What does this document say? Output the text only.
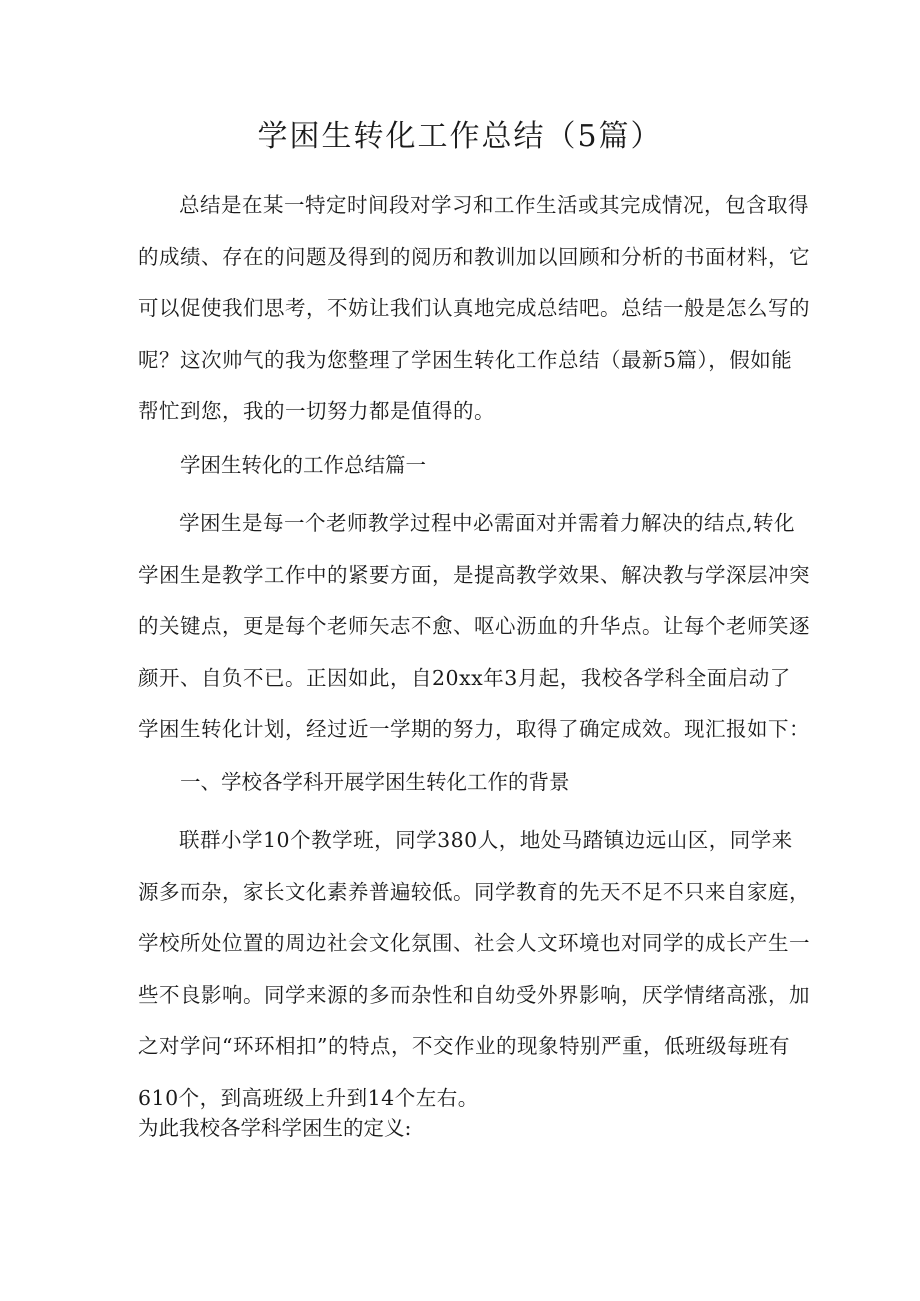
学困生转化工作总结（5篇）
总结是在某一特定时间段对学习和工作生活或其完成情况，包含取得
的成绩、存在的问题及得到的阅历和教训加以回顾和分析的书面材料，它
可以促使我们思考，不妨让我们认真地完成总结吧。总结一般是怎么写的
呢？这次帅气的我为您整理了学困生转化工作总结（最新5篇），假如能
帮忙到您，我的一切努力都是值得的。

学困生转化的工作总结篇一

学困生是每一个老师教学过程中必需面对并需着力解决的结点,转化
学困生是教学工作中的紧要方面，是提高教学效果、解决教与学深层冲突
的关键点，更是每个老师矢志不愈、呕心沥血的升华点。让每个老师笑逐
颜开、自负不已。正因如此，自20xx年3月起，我校各学科全面启动了
学困生转化计划，经过近一学期的努力，取得了确定成效。现汇报如下：

一、学校各学科开展学困生转化工作的背景

联群小学10个教学班，同学380人，地处马踏镇边远山区，同学来
源多而杂，家长文化素养普遍较低。同学教育的先天不足不只来自家庭，
学校所处位置的周边社会文化氛围、社会人文环境也对同学的成长产生一
些不良影响。同学来源的多而杂性和自幼受外界影响，厌学情绪高涨，加
之对学问“环环相扣”的特点，不交作业的现象特别严重，低班级每班有
610个，到高班级上升到14个左右。

为此我校各学科学困生的定义:
